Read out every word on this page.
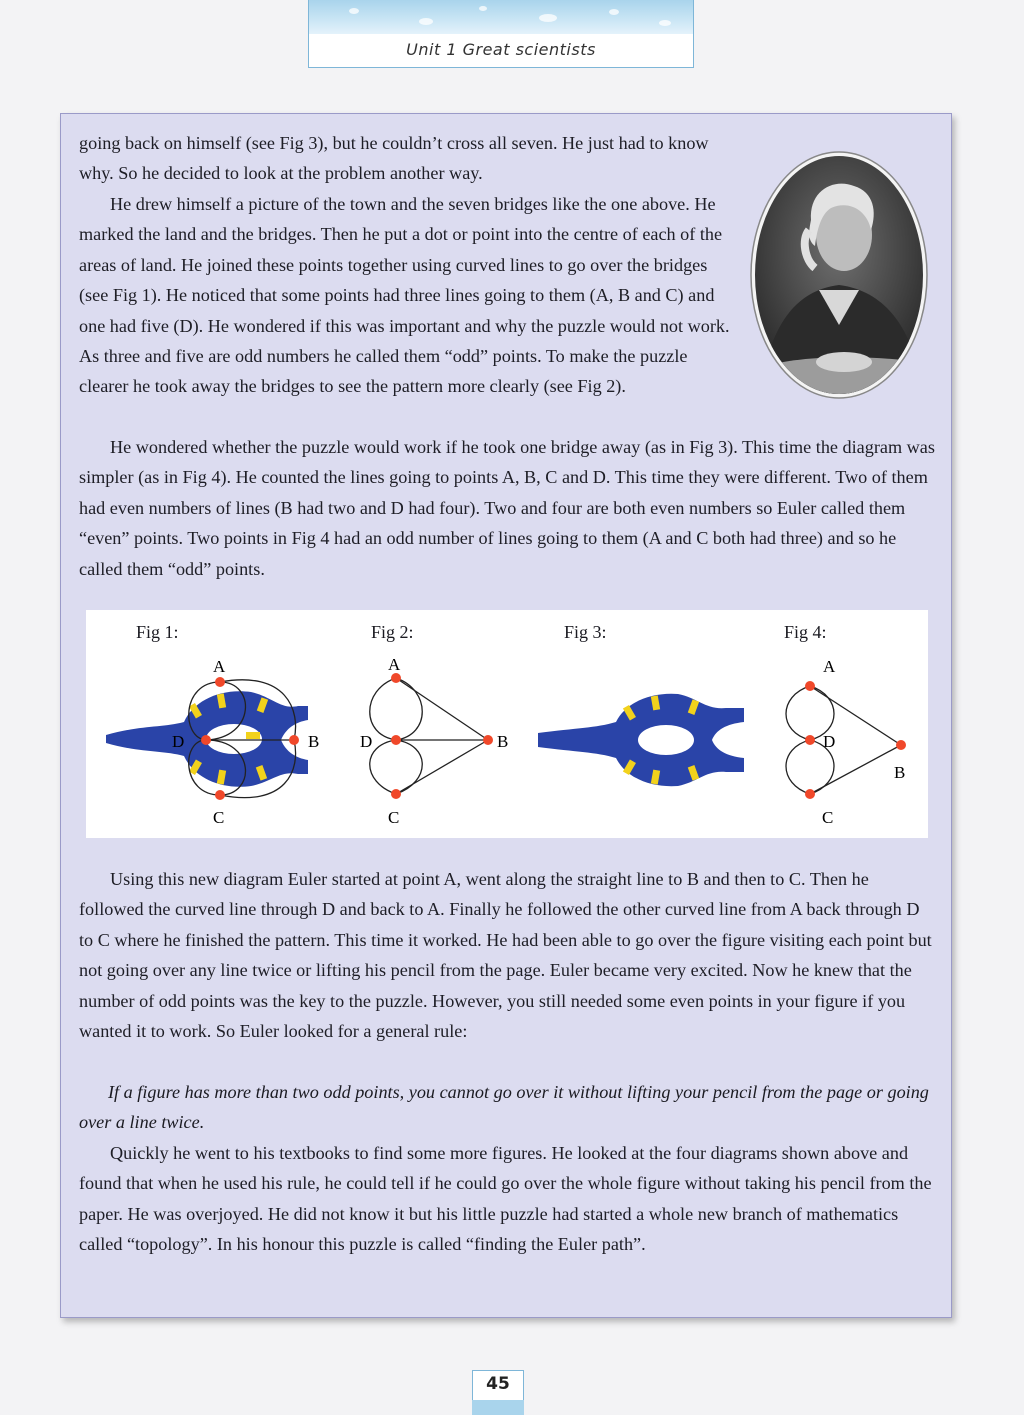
Unit 1 Great scientists

going back on himself (see Fig 3), but he couldn’t cross all seven. He just had to know why. So he decided to look at the problem another way.

He drew himself a picture of the town and the seven bridges like the one above. He marked the land and the bridges. Then he put a dot or point into the centre of each of the areas of land. He joined these points together using curved lines to go over the bridges (see Fig 1). He noticed that some points had three lines going to them (A, B and C) and one had five (D). He wondered if this was important and why the puzzle would not work. As three and five are odd numbers he called them “odd” points. To make the puzzle clearer he took away the bridges to see the pattern more clearly (see Fig 2).

He wondered whether the puzzle would work if he took one bridge away (as in Fig 3). This time the diagram was simpler (as in Fig 4). He counted the lines going to points A, B, C and D. This time they were different. Two of them had even numbers of lines (B had two and D had four). Two and four are both even numbers so Euler called them “even” points. Two points in Fig 4 had an odd number of lines going to them (A and C both had three) and so he called them “odd” points.

Fig 1:	Fig 2:	Fig 3:	Fig 4:
A
B
C
D
A
B
C
D
A
B
C
D

Using this new diagram Euler started at point A, went along the straight line to B and then to C. Then he followed the curved line through D and back to A. Finally he followed the other curved line from A back through D to C where he finished the pattern. This time it worked. He had been able to go over the figure visiting each point but not going over any line twice or lifting his pencil from the page. Euler became very excited. Now he knew that the number of odd points was the key to the puzzle. However, you still needed some even points in your figure if you wanted it to work. So Euler looked for a general rule:

If a figure has more than two odd points, you cannot go over it without lifting your pencil from the page or going over a line twice.

Quickly he went to his textbooks to find some more figures. He looked at the four diagrams shown above and found that when he used his rule, he could tell if he could go over the whole figure without taking his pencil from the paper. He was overjoyed. He did not know it but his little puzzle had started a whole new branch of mathematics called “topology”. In his honour this puzzle is called “finding the Euler path”.

45
